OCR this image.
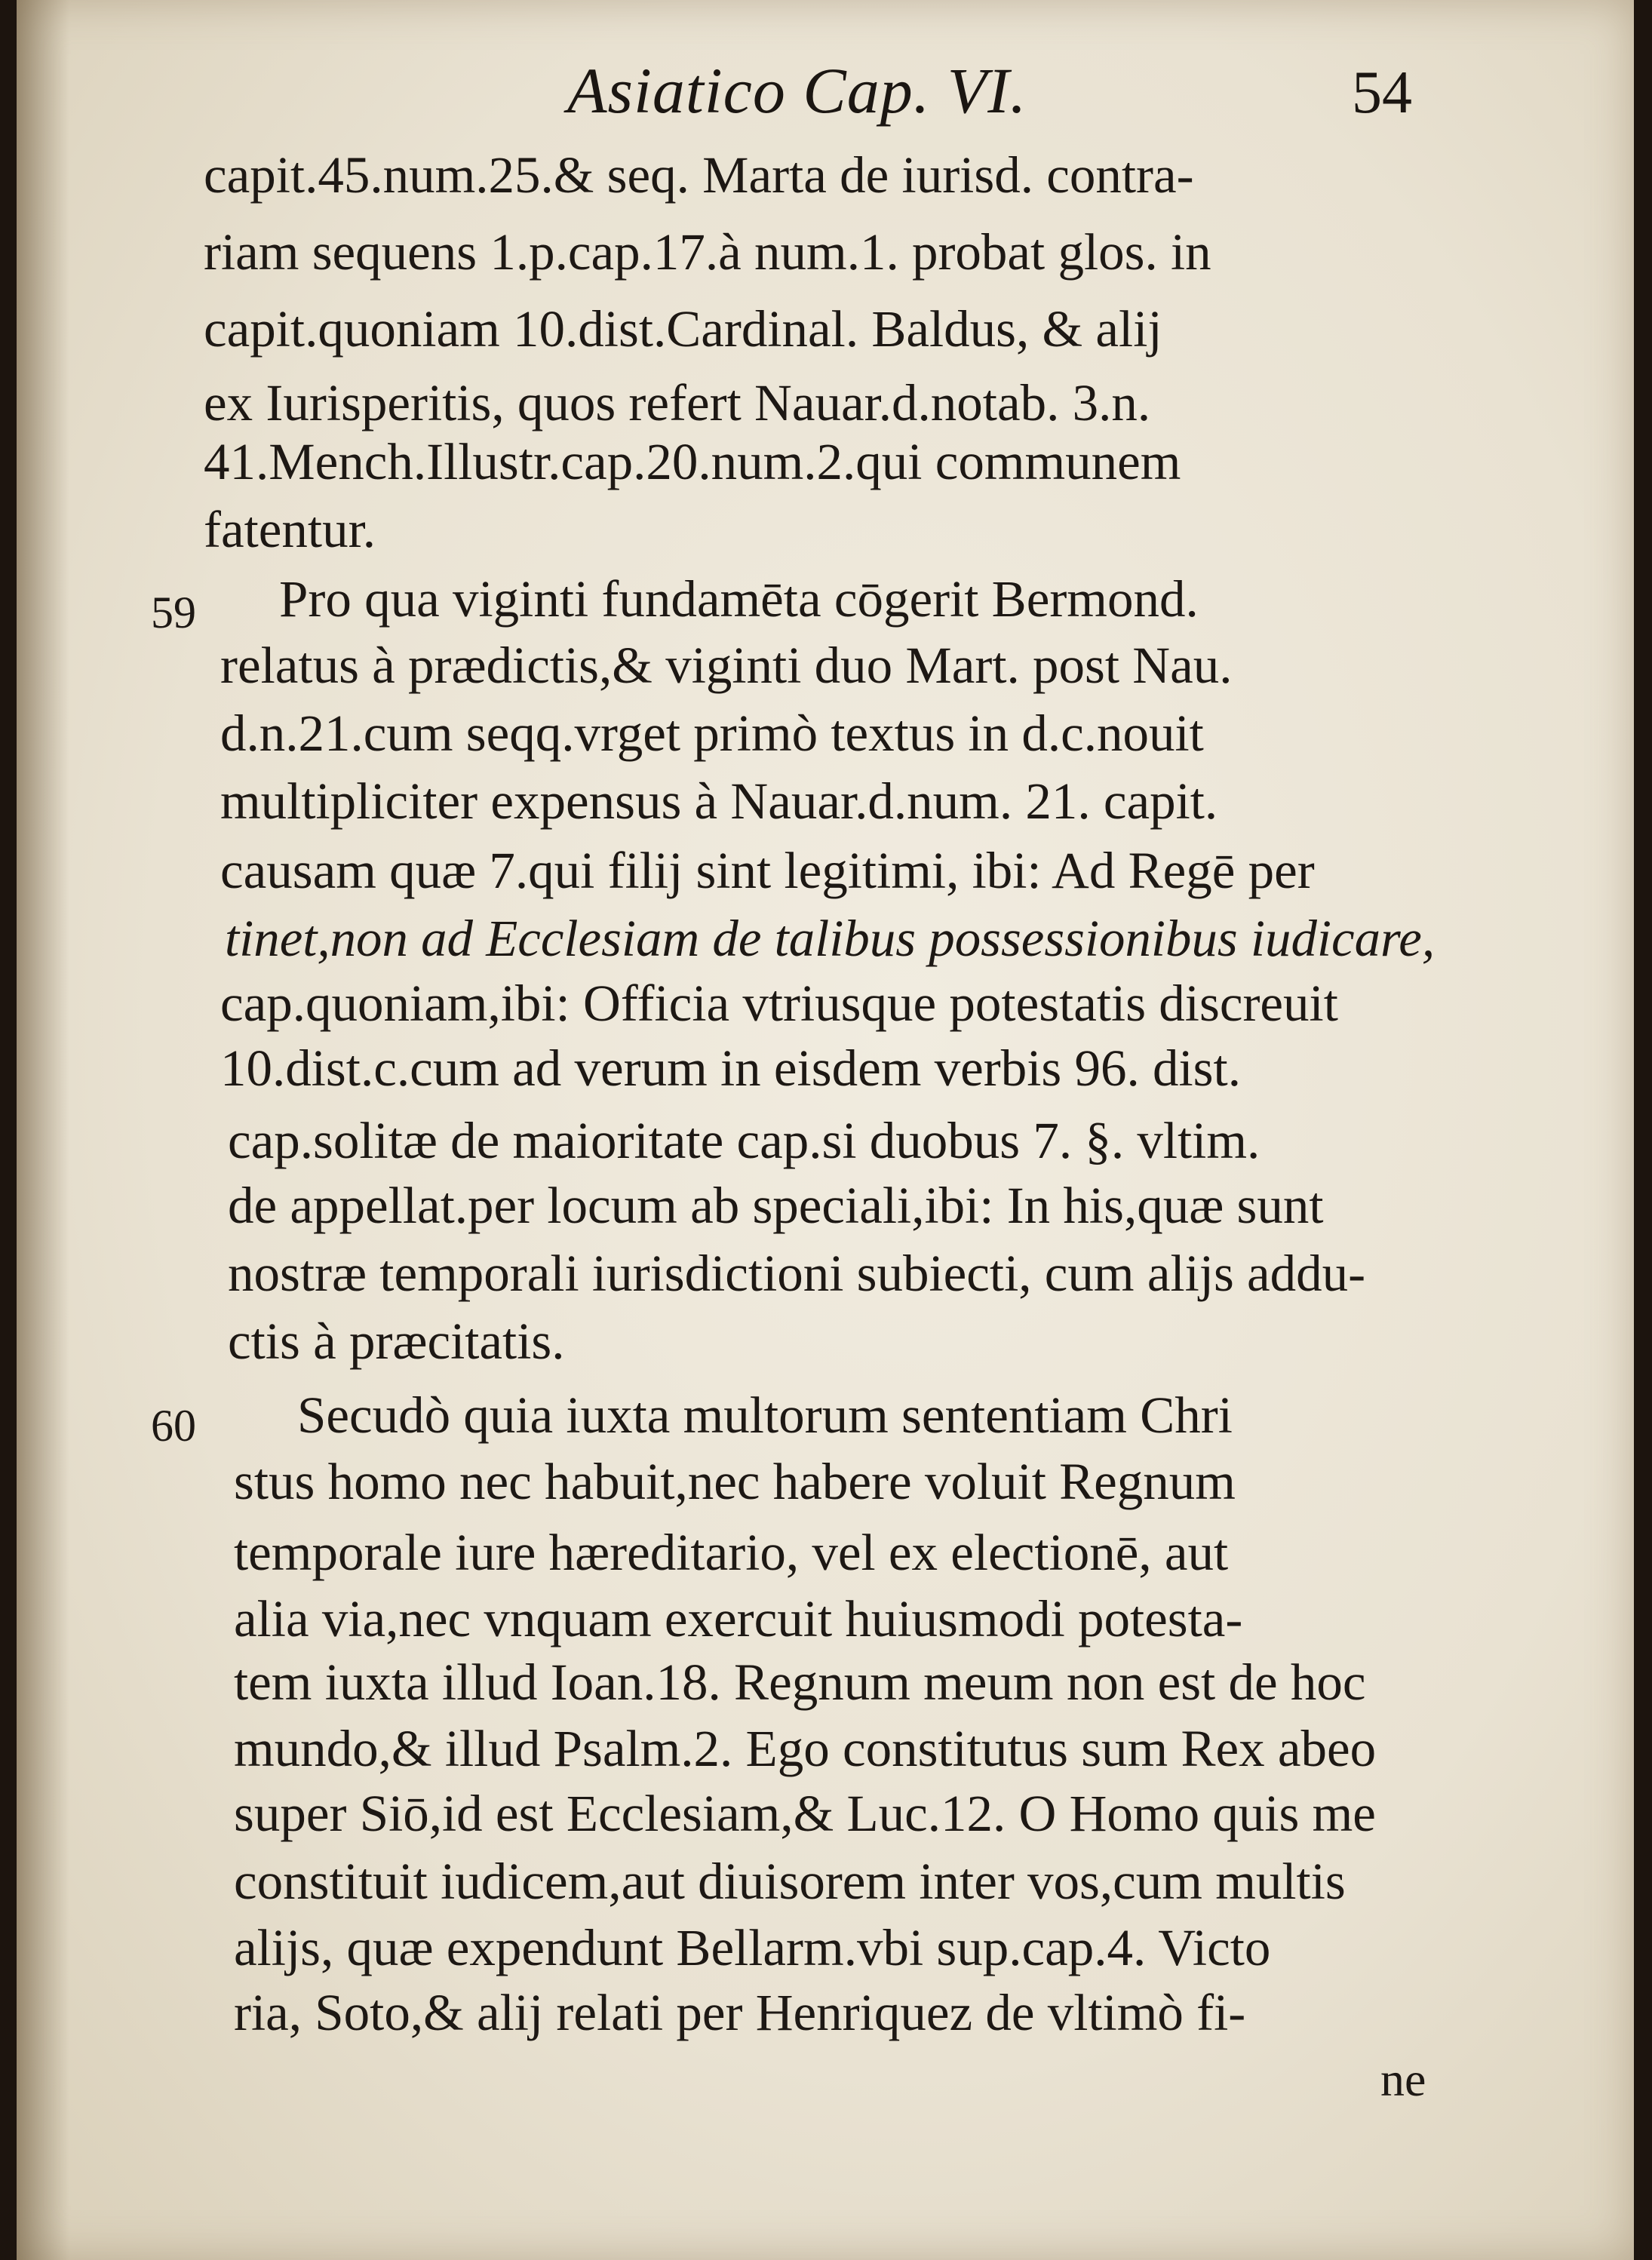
Asiatico Cap. VI.	54
59
60
capit.45.num.25.& seq. Marta de iurisd. contra-
riam sequens 1.p.cap.17.à num.1. probat glos. in
capit.quoniam 10.dist.Cardinal. Baldus, & alij
ex Iurisperitis, quos refert Nauar.d.notab. 3.n.
41.Mench.Illustr.cap.20.num.2.qui communem
fatentur.
Pro qua viginti fundamēta cōgerit Bermond.
relatus à prædictis,& viginti duo Mart. post Nau.
d.n.21.cum seqq.vrget primò textus in d.c.nouit
multipliciter expensus à Nauar.d.num. 21. capit.
causam quæ 7.qui filij sint legitimi, ibi: Ad Regē per
tinet,non ad Ecclesiam de talibus possessionibus iudicare,
cap.quoniam,ibi: Officia vtriusque potestatis discreuit
10.dist.c.cum ad verum in eisdem verbis 96. dist.
cap.solitæ de maioritate cap.si duobus 7. §. vltim.
de appellat.per locum ab speciali,ibi: In his,quæ sunt
nostræ temporali iurisdictioni subiecti, cum alijs addu-
ctis à præcitatis.
Secudò quia iuxta multorum sententiam Chri
stus homo nec habuit,nec habere voluit Regnum
temporale iure hæreditario, vel ex electionē, aut
alia via,nec vnquam exercuit huiusmodi potesta-
tem iuxta illud Ioan.18. Regnum meum non est de hoc
mundo,& illud Psalm.2. Ego constitutus sum Rex abeo
super Siō,id est Ecclesiam,& Luc.12. O Homo quis me
constituit iudicem,aut diuisorem inter vos,cum multis
alijs, quæ expendunt Bellarm.vbi sup.cap.4. Victo
ria, Soto,& alij relati per Henriquez de vltimò fi-
ne
